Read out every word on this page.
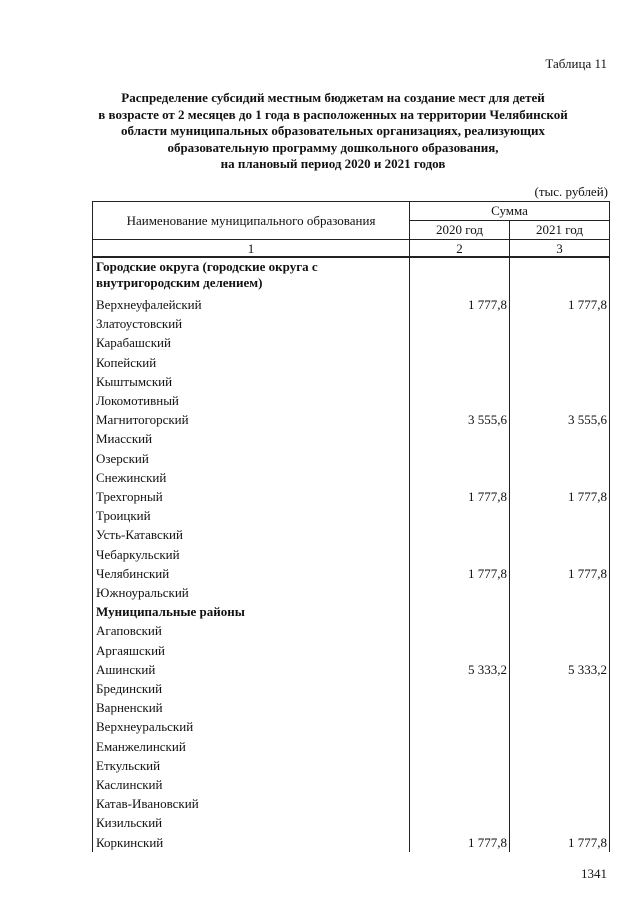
Таблица 11
Распределение субсидий местным бюджетам на создание мест для детей
в возрасте от 2 месяцев до 1 года в расположенных на территории Челябинской
области муниципальных образовательных организациях, реализующих
образовательную программу дошкольного образования,
на плановый период 2020 и 2021 годов
(тыс. рублей)
Наименование муниципального образования	Сумма	
	2020 год	2021 год
1	2	3
Городские округа (городские округа с внутригородским делением)		
Верхнеуфалейский	1 777,8	1 777,8
Златоустовский		
Карабашский		
Копейский		
Кыштымский		
Локомотивный		
Магнитогорский	3 555,6	3 555,6
Миасский		
Озерский		
Снежинский		
Трехгорный	1 777,8	1 777,8
Троицкий		
Усть-Катавский		
Чебаркульский		
Челябинский	1 777,8	1 777,8
Южноуральский		
Муниципальные районы		
Агаповский		
Аргаяшский		
Ашинский	5 333,2	5 333,2
Брединский		
Варненский		
Верхнеуральский		
Еманжелинский		
Еткульский		
Каслинский		
Катав-Ивановский		
Кизильский		
Коркинский	1 777,8	1 777,8
1341
